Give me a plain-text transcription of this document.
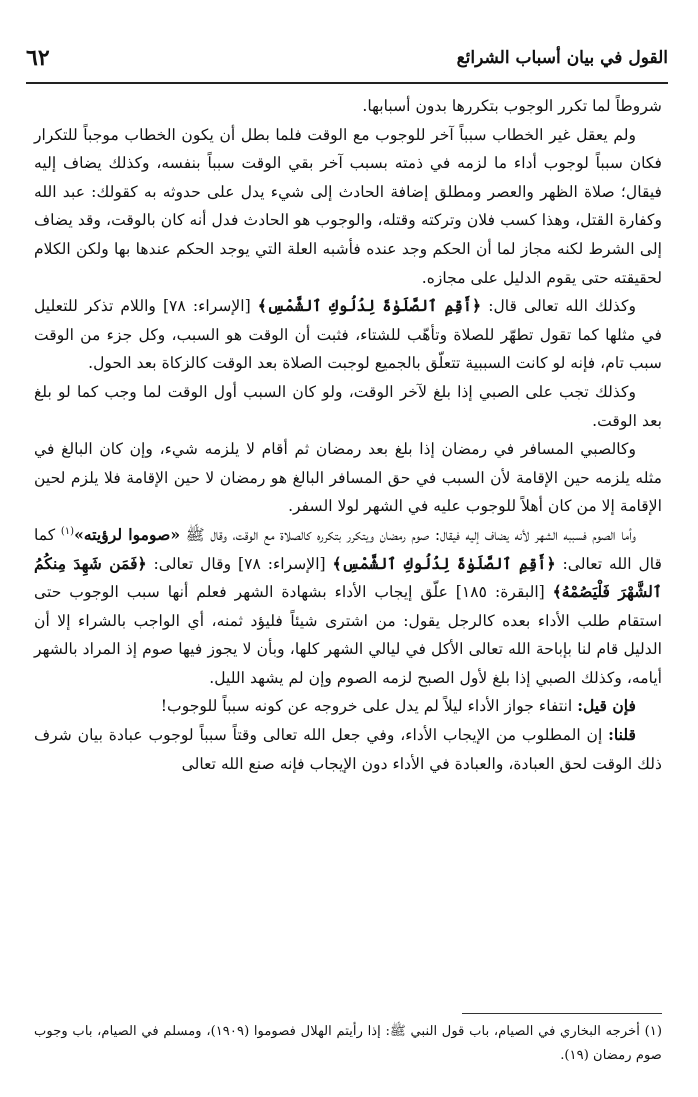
القول في بيان أسباب الشرائع
٦٢

شروطاً لما تكرر الوجوب بتكررها بدون أسبابها.

ولم يعقل غير الخطاب سبباً آخر للوجوب مع الوقت فلما بطل أن يكون الخطاب موجباً للتكرار فكان سبباً لوجوب أداء ما لزمه في ذمته بسبب آخر بقي الوقت سبباً بنفسه، وكذلك يضاف إليه فيقال؛ صلاة الظهر والعصر ومطلق إضافة الحادث إلى شيء يدل على حدوثه به كقولك: عبد الله وكفارة القتل، وهذا كسب فلان وتركته وقتله، والوجوب هو الحادث فدل أنه كان بالوقت، وقد يضاف إلى الشرط لكنه مجاز لما أن الحكم وجد عنده فأشبه العلة التي يوجد الحكم عندها بها ولكن الكلام لحقيقته حتى يقوم الدليل على مجازه.

وكذلك الله تعالى قال: ﴿أَقِمِ ٱلصَّلَوٰةَ لِدُلُوكِ ٱلشَّمْسِ﴾ [الإسراء: ٧٨] واللام تذكر للتعليل في مثلها كما تقول تطهّر للصلاة وتأهّب للشتاء، فثبت أن الوقت هو السبب، وكل جزء من الوقت سبب تام، فإنه لو كانت السببية تتعلّق بالجميع لوجبت الصلاة بعد الوقت كالزكاة بعد الحول.

وكذلك تجب على الصبي إذا بلغ لآخر الوقت، ولو كان السبب أول الوقت لما وجب كما لو بلغ بعد الوقت.

وكالصبي المسافر في رمضان إذا بلغ بعد رمضان ثم أقام لا يلزمه شيء، وإن كان البالغ في مثله يلزمه حين الإقامة لأن السبب في حق المسافر البالغ هو رمضان لا حين الإقامة فلا يلزم لحين الإقامة إلا من كان أهلاً للوجوب عليه في الشهر لولا السفر.

وأما الصوم فسببه الشهر لأنه يضاف إليه فيقال: صوم رمضان ويتكرر بتكرره كالصلاة مع الوقت، وقال ﷺ «صوموا لرؤيته»$^{(١)}$ كما قال الله تعالى: ﴿أَقِمِ ٱلصَّلَوٰةَ لِدُلُوكِ ٱلشَّمْسِ﴾ [الإسراء: ٧٨] وقال تعالى: ﴿فَمَن شَهِدَ مِنكُمُ ٱلشَّهْرَ فَلْيَصُمْهُ﴾ [البقرة: ١٨٥] علّق إيجاب الأداء بشهادة الشهر فعلم أنها سبب الوجوب حتى استقام طلب الأداء بعده كالرجل يقول: من اشترى شيئاً فليؤد ثمنه، أي الواجب بالشراء إلا أن الدليل قام لنا بإباحة الله تعالى الأكل في ليالي الشهر كلها، وبأن لا يجوز فيها صوم إذ المراد بالشهر أيامه، وكذلك الصبي إذا بلغ لأول الصبح لزمه الصوم وإن لم يشهد الليل.

فإن قيل: انتفاء جواز الأداء ليلاً لم يدل على خروجه عن كونه سبباً للوجوب!

قلنا: إن المطلوب من الإيجاب الأداء، وفي جعل الله تعالى وقتاً سبباً لوجوب عبادة بيان شرف ذلك الوقت لحق العبادة، والعبادة في الأداء دون الإيجاب فإنه صنع الله تعالى

(١) أخرجه البخاري في الصيام، باب قول النبي ﷺ: إذا رأيتم الهلال فصوموا (١٩٠٩)، ومسلم في الصيام، باب وجوب صوم رمضان (١٩).
